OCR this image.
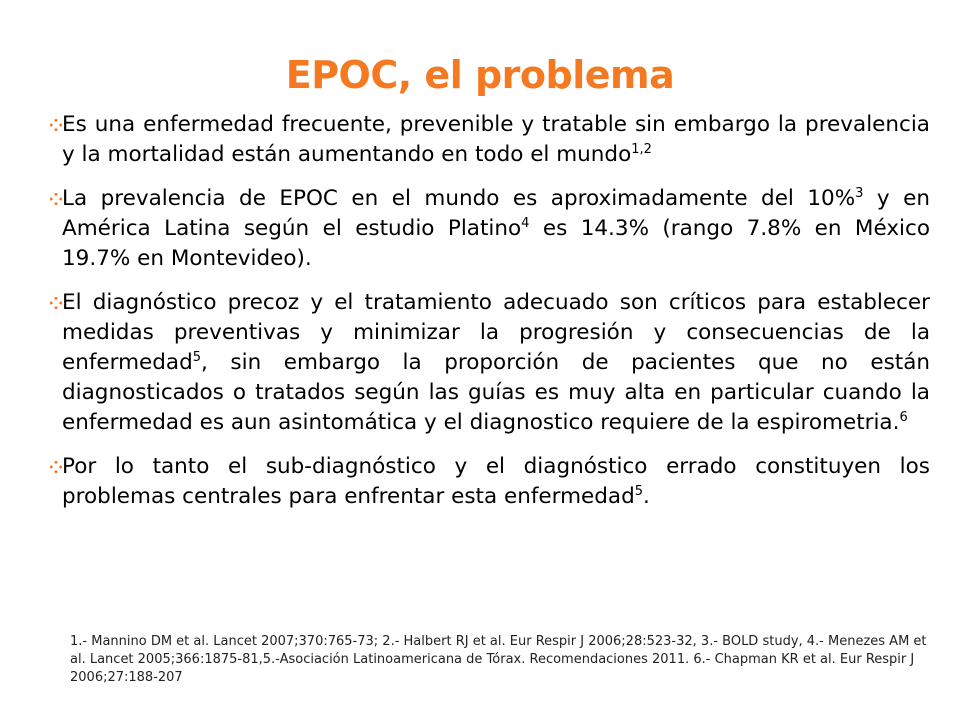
EPOC, el problema
Es una enfermedad frecuente, prevenible y tratable sin embargo la prevalencia y la mortalidad están aumentando en todo el mundo$^{1,2}$
La prevalencia de EPOC en el mundo es aproximadamente del 10%$^3$ y en América Latina según el estudio Platino$^4$ es 14.3% (rango 7.8% en México 19.7% en Montevideo).
El diagnóstico precoz y el tratamiento adecuado son críticos para establecer medidas preventivas y minimizar la progresión y consecuencias de la enfermedad$^5$, sin embargo la proporción de pacientes que no están diagnosticados o tratados según las guías es muy alta en particular cuando la enfermedad es aun asintomática y el diagnostico requiere de la espirometria.$^6$
Por lo tanto el sub-diagnóstico y el diagnóstico errado constituyen los problemas centrales para enfrentar esta enfermedad$^5$.
1.- Mannino DM et al. Lancet 2007;370:765-73; 2.- Halbert RJ et al. Eur Respir J 2006;28:523-32, 3.- BOLD study, 4.- Menezes AM et al. Lancet 2005;366:1875-81,5.-Asociación Latinoamericana de Tórax. Recomendaciones 2011. 6.- Chapman KR et al. Eur Respir J 2006;27:188-207
